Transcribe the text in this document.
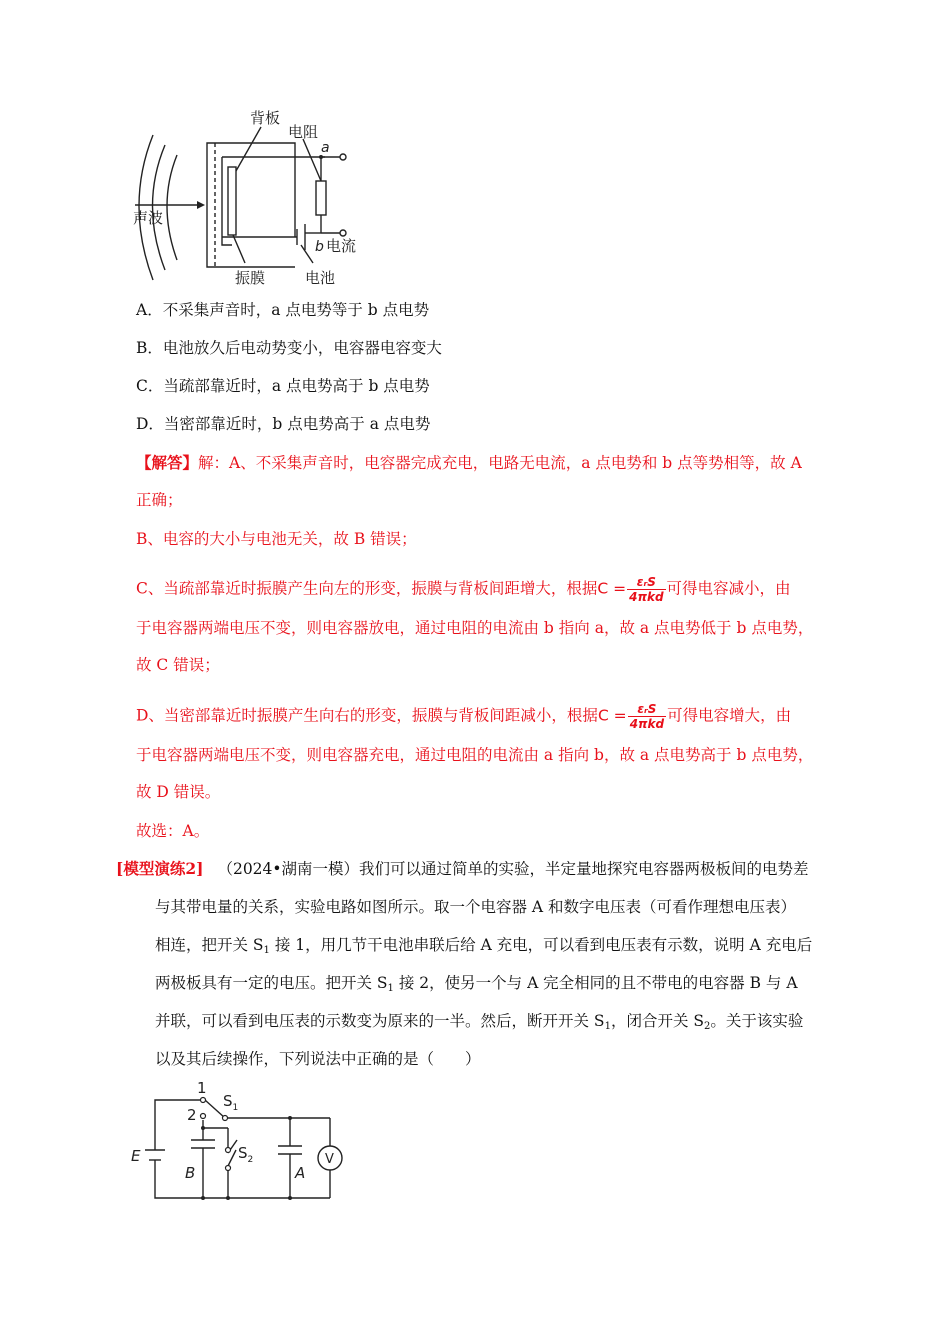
背板
电阻
a
b 电流
声波
振膜	电池
A．不采集声音时，a 点电势等于 b 点电势
B．电池放久后电动势变小，电容器电容变大
C．当疏部靠近时，a 点电势高于 b 点电势
D．当密部靠近时，b 点电势高于 a 点电势
【解答】解：A、不采集声音时，电容器完成充电，电路无电流，a 点电势和 b 点等势相等，故 A
正确；
B、电容的大小与电池无关，故 B 错误；
C、当疏部靠近时振膜产生向左的形变，振膜与背板间距增大，根据$C = \frac{\text{εᵣS}}{\text{4πkd}}$ 可得电容减小，由
于电容器两端电压不变，则电容器放电，通过电阻的电流由 b 指向 a，故 a 点电势低于 b 点电势，
故 C 错误；
D、当密部靠近时振膜产生向右的形变，振膜与背板间距减小，根据$C = \frac{\text{εᵣS}}{\text{4πkd}}$ 可得电容增大，由
于电容器两端电压不变，则电容器充电，通过电阻的电流由 a 指向 b，故 a 点电势高于 b 点电势，
故 D 错误。
故选：A。
[模型演练2] （2024•湖南一模）我们可以通过简单的实验，半定量地探究电容器两极板间的电势差
与其带电量的关系，实验电路如图所示。取一个电容器 A 和数字电压表（可看作理想电压表）
相连，把开关 $S_1$ 接 1，用几节干电池串联后给 A 充电，可以看到电压表有示数，说明 A 充电后
两极板具有一定的电压。把开关 $S_1$ 接 2，使另一个与 A 完全相同的且不带电的电容器 B 与 A
并联，可以看到电压表的示数变为原来的一半。然后，断开开关 $S_1$，闭合开关 $S_2$。关于该实验
以及其后续操作，下列说法中正确的是（　　）
1
2
$S_1$
$S_2$
E
B	A
V
